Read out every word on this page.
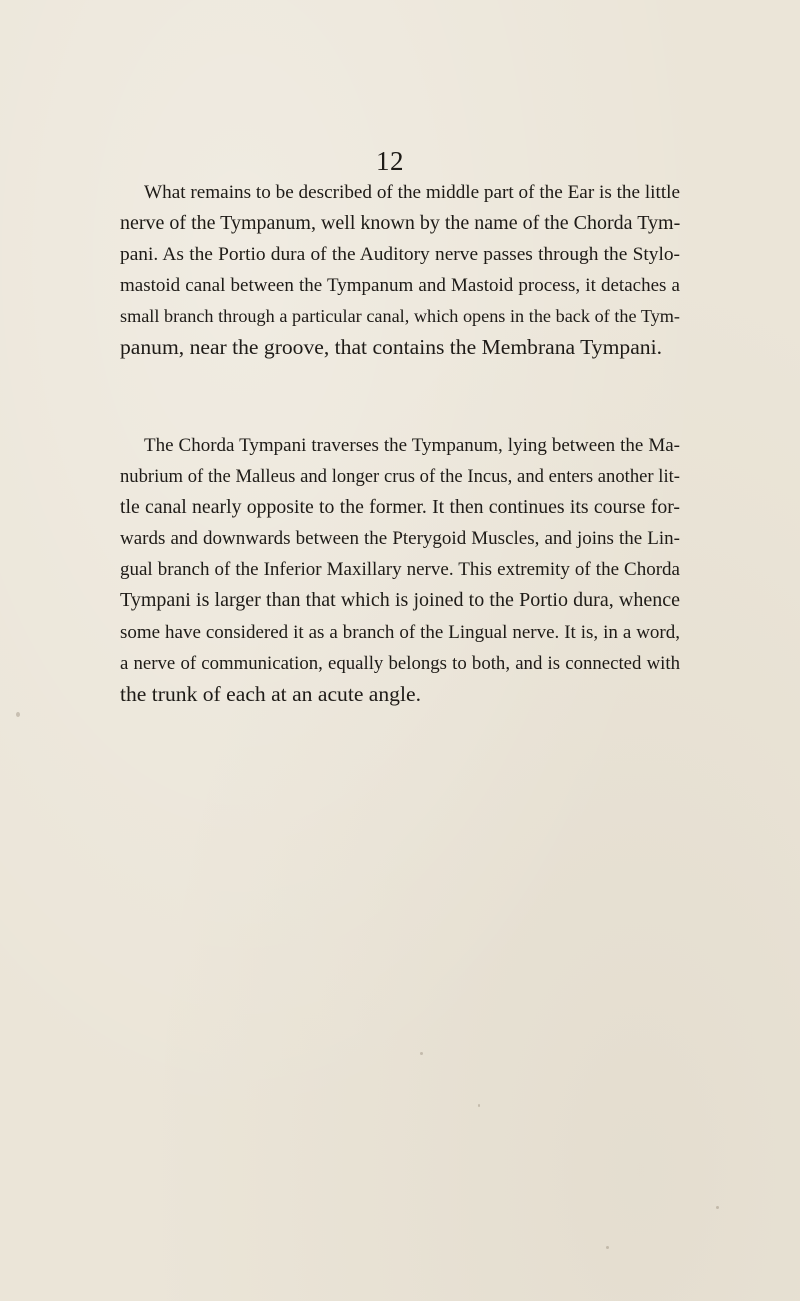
12
What remains to be described of the middle part of the Ear is the little
nerve of the Tympanum, well known by the name of the Chorda Tym-
pani. As the Portio dura of the Auditory nerve passes through the Stylo-
mastoid canal between the Tympanum and Mastoid process, it detaches a
small branch through a particular canal, which opens in the back of the Tym-
panum, near the groove, that contains the Membrana Tympani.
The Chorda Tympani traverses the Tympanum, lying between the Ma-
nubrium of the Malleus and longer crus of the Incus, and enters another lit-
tle canal nearly opposite to the former. It then continues its course for-
wards and downwards between the Pterygoid Muscles, and joins the Lin-
gual branch of the Inferior Maxillary nerve. This extremity of the Chorda
Tympani is larger than that which is joined to the Portio dura, whence
some have considered it as a branch of the Lingual nerve. It is, in a word,
a nerve of communication, equally belongs to both, and is connected with
the trunk of each at an acute angle.
